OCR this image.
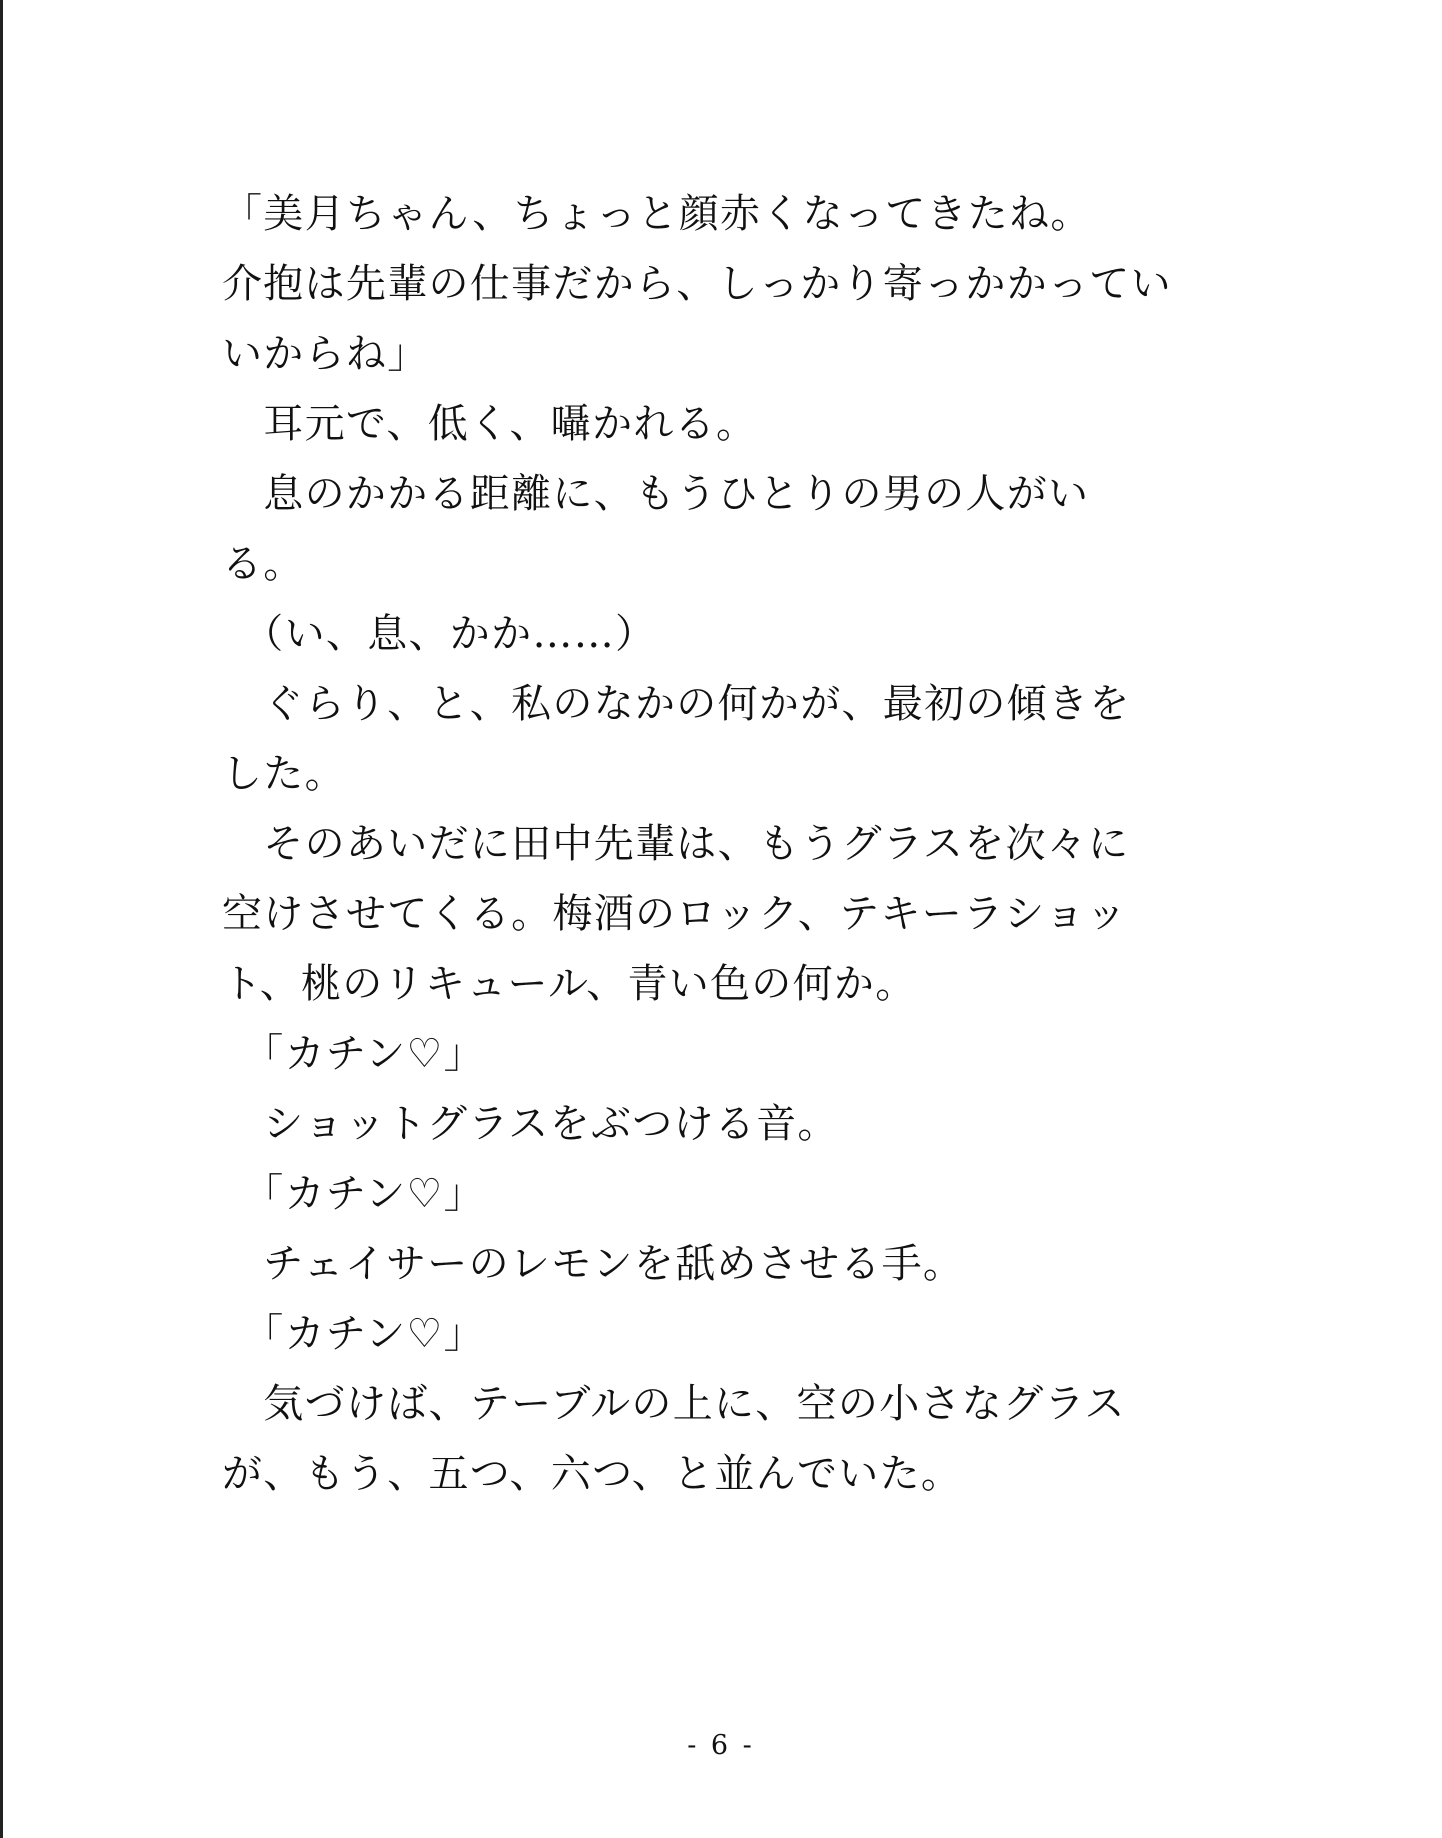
「美月ちゃん、ちょっと顔赤くなってきたね。
介抱は先輩の仕事だから、しっかり寄っかかってい
いからね」
　耳元で、低く、囁かれる。
　息のかかる距離に、もうひとりの男の人がい
る。
　（い、息、かか……）
　ぐらり、と、私のなかの何かが、最初の傾きを
した。
　そのあいだに田中先輩は、もうグラスを次々に
空けさせてくる。梅酒のロック、テキーラショッ
ト、桃のリキュール、青い色の何か。
　「カチン♡」
　ショットグラスをぶつける音。
　「カチン♡」
　チェイサーのレモンを舐めさせる手。
　「カチン♡」
　気づけば、テーブルの上に、空の小さなグラス
が、もう、五つ、六つ、と並んでいた。
- 6 -
